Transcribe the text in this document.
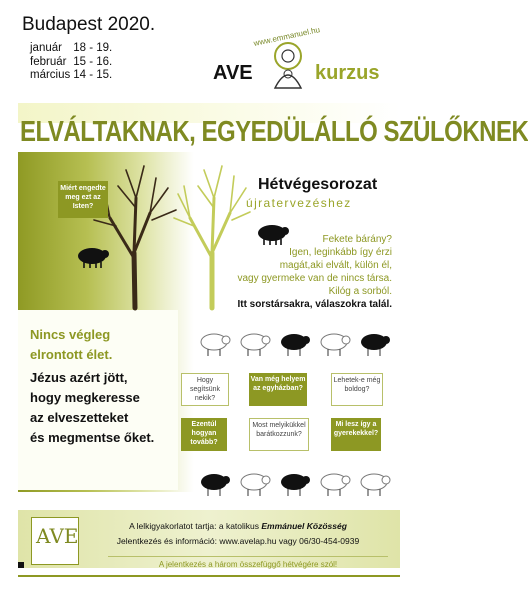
Budapest 2020.
január 18 - 19.
február 15 - 16.
március 14 - 15.
www.emmanuel.hu
AVE	kurzus
ELVÁLTAKNAK, EGYEDÜLÁLLÓ SZÜLŐKNEK
Miért engedte meg ezt az Isten?
Hétvégesorozat
újratervezéshez
Fekete bárány?
Igen, leginkább így érzi
magát,aki elvált, külön él,
vagy gyermeke van de nincs társa.
Kilóg a sorból.
Itt sorstársakra, válaszokra talál.
Hogy segítsünk nekik?
Van még helyem az egyházban?
Lehetek-e még boldog?
Ezentúl hogyan tovább?
Most melyikükkel barátkozzunk?
Mi lesz így a gyerekekkel?
Nincs végleg
elrontott élet.
Jézus azért jött,
hogy megkeresse
az elveszetteket
és megmentse őket.
AVE	A lelkigyakorlatot tartja: a katolikus Emmánuel Közösség
Jelentkezés és információ: www.avelap.hu vagy 06/30-454-0939
A jelentkezés a három összefüggő hétvégére szól!
